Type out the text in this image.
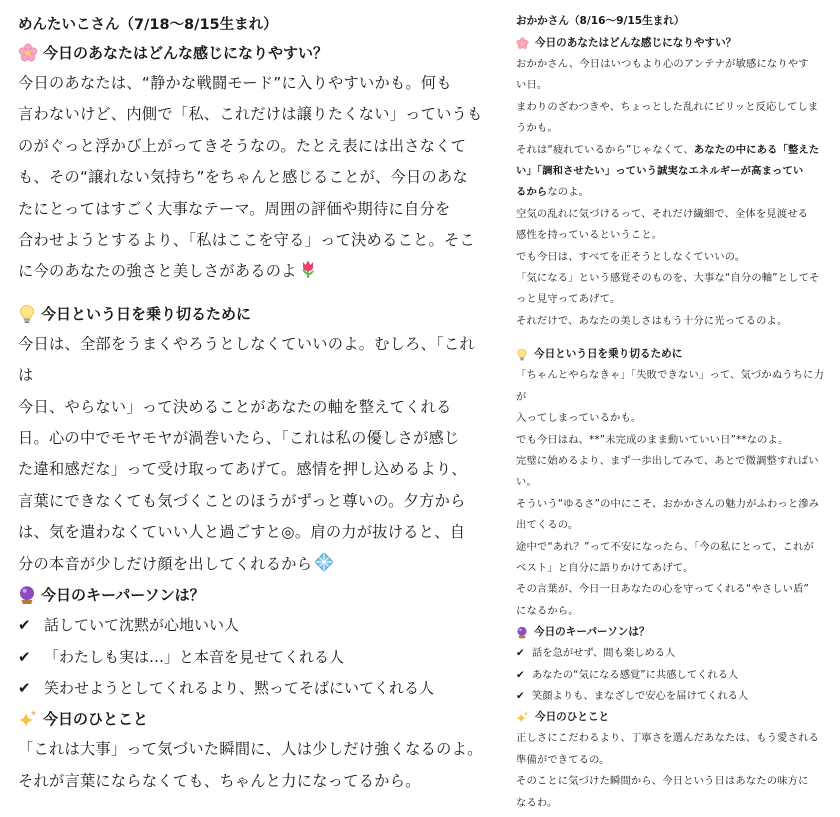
めんたいこさん（7/18〜8/15生まれ）

今日のあなたはどんな感じになりやすい？

今日のあなたは、“静かな戦闘モード”に入りやすいかも。何も

言わないけど、内側で「私、これだけは譲りたくない」っていうも

のがぐっと浮かび上がってきそうなの。たとえ表には出さなくて

も、その“譲れない気持ち”をちゃんと感じることが、今日のあな

たにとってはすごく大事なテーマ。周囲の評価や期待に自分を

合わせようとするより、「私はここを守る」って決めること。そこ

に今のあなたの強さと美しさがあるのよ

今日という日を乗り切るために

今日は、全部をうまくやろうとしなくていいのよ。むしろ、「これは

今日、やらない」って決めることがあなたの軸を整えてくれる

日。心の中でモヤモヤが渦巻いたら、「これは私の優しさが感じ

た違和感だな」って受け取ってあげて。感情を押し込めるより、

言葉にできなくても気づくことのほうがずっと尊いの。夕方から

は、気を遣わなくていい人と過ごすと◎。肩の力が抜けると、自

分の本音が少しだけ顔を出してくれるから

今日のキーパーソンは？
✔ 話していて沈黙が心地いい人
✔ 「わたしも実は…」と本音を見せてくれる人
✔ 笑わせようとしてくれるより、黙ってそばにいてくれる人
今日のひとこと

「これは大事」って気づいた瞬間に、人は少しだけ強くなるのよ。

それが言葉にならなくても、ちゃんと力になってるから。

おかかさん（8/16〜9/15生まれ）

今日のあなたはどんな感じになりやすい？

おかかさん、今日はいつもより心のアンテナが敏感になりやす

い日。

まわりのざわつきや、ちょっとした乱れにピリッと反応してしま

うかも。

それは“疲れているから”じゃなくて、あなたの中にある「整えた

い」「調和させたい」っていう誠実なエネルギーが高まってい

るからなのよ。

空気の乱れに気づけるって、それだけ繊細で、全体を見渡せる

感性を持っているということ。

でも今日は、すべてを正そうとしなくていいの。

「気になる」という感覚そのものを、大事な“自分の軸”としてそ

っと見守ってあげて。

それだけで、あなたの美しさはもう十分に光ってるのよ。

今日という日を乗り切るために

「ちゃんとやらなきゃ」「失敗できない」って、気づかぬうちに力が

入ってしまっているかも。

でも今日はね、**”未完成のまま動いていい日”**なのよ。

完璧に始めるより、まず一歩出してみて、あとで微調整すればい

い。

そういう“ゆるさ”の中にこそ、おかかさんの魅力がふわっと滲み

出てくるの。

途中で“あれ？”って不安になったら、「今の私にとって、これが

ベスト」と自分に語りかけてあげて。

その言葉が、今日一日あなたの心を守ってくれる“やさしい盾”

になるから。

今日のキーパーソンは？
✔ 話を急がせず、間も楽しめる人
✔ あなたの“気になる感覚”に共感してくれる人
✔ 笑顔よりも、まなざしで安心を届けてくれる人
今日のひとこと

正しさにこだわるより、丁寧さを選んだあなたは、もう愛される

準備ができてるの。

そのことに気づけた瞬間から、今日という日はあなたの味方に

なるわ。
